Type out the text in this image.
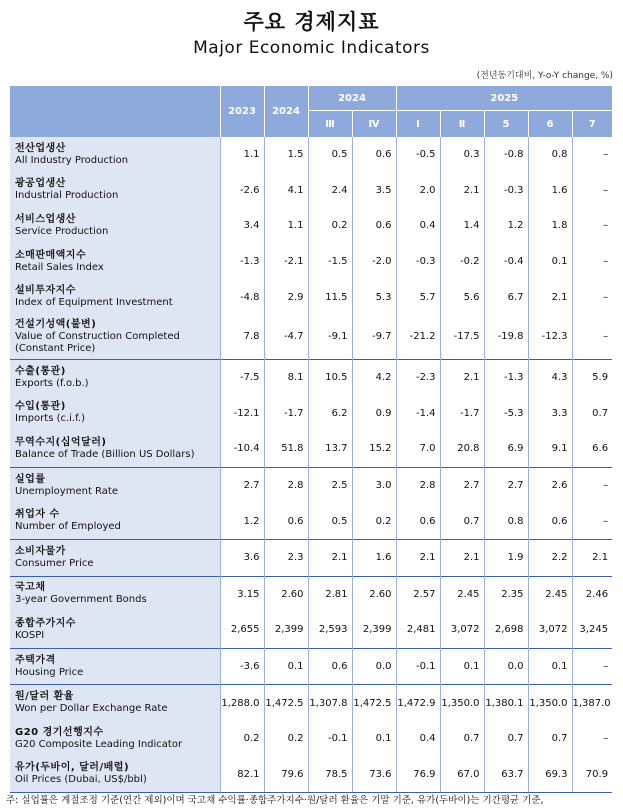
주요 경제지표
Major Economic Indicators
(전년동기대비, Y-o-Y change, %)
	2023	2024	2024		2025				
			Ⅲ	Ⅳ	Ⅰ	Ⅱ	5	6	7

전산업생산
All Industry Production	1.1	1.5	0.5	0.6	-0.5	0.3	-0.8	0.8	–

광공업생산
Industrial Production	-2.6	4.1	2.4	3.5	2.0	2.1	-0.3	1.6	–

서비스업생산
Service Production	3.4	1.1	0.2	0.6	0.4	1.4	1.2	1.8	–

소매판매액지수
Retail Sales Index	-1.3	-2.1	-1.5	-2.0	-0.3	-0.2	-0.4	0.1	–

설비투자지수
Index of Equipment Investment	-4.8	2.9	11.5	5.3	5.7	5.6	6.7	2.1	–

건설기성액(불변)
Value of Construction Completed
(Constant Price)	7.8	-4.7	-9.1	-9.7	-21.2	-17.5	-19.8	-12.3	–

수출(통관)
Exports (f.o.b.)	-7.5	8.1	10.5	4.2	-2.3	2.1	-1.3	4.3	5.9

수입(통관)
Imports (c.i.f.)	-12.1	-1.7	6.2	0.9	-1.4	-1.7	-5.3	3.3	0.7

무역수지(십억달러)
Balance of Trade (Billion US Dollars)	-10.4	51.8	13.7	15.2	7.0	20.8	6.9	9.1	6.6

실업률
Unemployment Rate	2.7	2.8	2.5	3.0	2.8	2.7	2.7	2.6	–

취업자 수
Number of Employed	1.2	0.6	0.5	0.2	0.6	0.7	0.8	0.6	–

소비자물가
Consumer Price	3.6	2.3	2.1	1.6	2.1	2.1	1.9	2.2	2.1

국고채
3-year Government Bonds	3.15	2.60	2.81	2.60	2.57	2.45	2.35	2.45	2.46

종합주가지수
KOSPI	2,655	2,399	2,593	2,399	2,481	3,072	2,698	3,072	3,245

주택가격
Housing Price	-3.6	0.1	0.6	0.0	-0.1	0.1	0.0	0.1	–

원/달러 환율
Won per Dollar Exchange Rate	1,288.0	1,472.5	1,307.8	1,472.5	1,472.9	1,350.0	1,380.1	1,350.0	1,387.0

G20 경기선행지수
G20 Composite Leading Indicator	0.2	0.2	-0.1	0.1	0.4	0.7	0.7	0.7	–

유가(두바이, 달러/배럴)
Oil Prices (Dubai, US$/bbl)	82.1	79.6	78.5	73.6	76.9	67.0	63.7	69.3	70.9
주: 실업률은 계절조정 기준(연간 제외)이며 국고채 수익률·종합주가지수·원/달러 환율은 기말 기준, 유가(두바이)는 기간평균 기준,
